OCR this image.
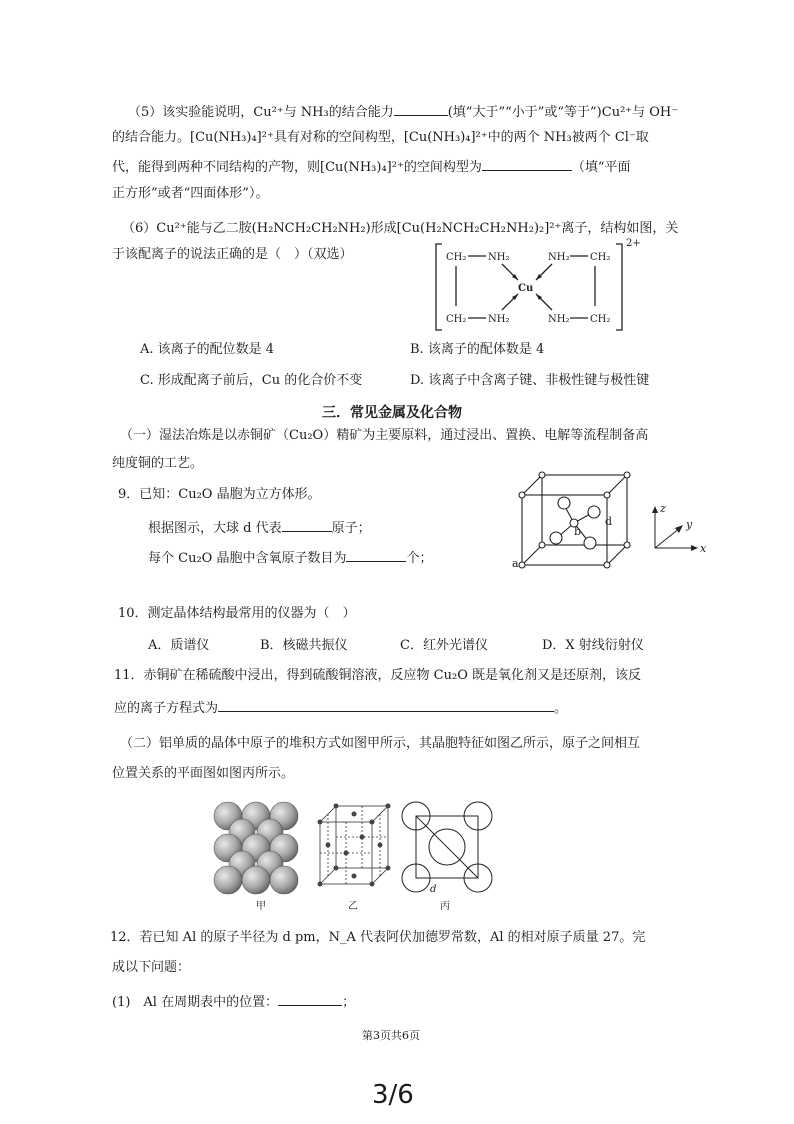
（5）该实验能说明，Cu²⁺与 NH₃的结合能力	(填“大于”“小于”或“等于”)Cu²⁺与 OH⁻
的结合能力。[Cu(NH₃)₄]²⁺具有对称的空间构型，[Cu(NH₃)₄]²⁺中的两个 NH₃被两个 Cl⁻取
代，能得到两种不同结构的产物，则[Cu(NH₃)₄]²⁺的空间构型为	（填“平面
正方形”或者“四面体形”）。
（6）Cu²⁺能与乙二胺(H₂NCH₂CH₂NH₂)形成[Cu(H₂NCH₂CH₂NH₂)₂]²⁺离子，结构如图，关
于该配离子的说法正确的是（　）（双选）	CH₂
CH₂
NH₂
NH₂
NH₂
NH₂
CH₂
CH₂
Cu
2+
A. 该离子的配位数是 4	B. 该离子的配体数是 4
C. 形成配离子前后，Cu 的化合价不变	D. 该离子中含离子键、非极性键与极性键
三．常见金属及化合物
（一）湿法冶炼是以赤铜矿（Cu₂O）精矿为主要原料，通过浸出、置换、电解等流程制备高
纯度铜的工艺。
9．已知：Cu₂O 晶胞为立方体形。
根据图示，大球 d 代表	原子；
每个 Cu₂O 晶胞中含氧原子数目为	个；	a
b
d
z
y
x
10．测定晶体结构最常用的仪器为（　）
A．质谱仪	B．核磁共振仪	C．红外光谱仪	D．X 射线衍射仪
11．赤铜矿在稀硫酸中浸出，得到硫酸铜溶液，反应物 Cu₂O 既是氧化剂又是还原剂，该反
应的离子方程式为	。
（二）铝单质的晶体中原子的堆积方式如图甲所示，其晶胞特征如图乙所示，原子之间相互
位置关系的平面图如图丙所示。
d
甲	乙	丙
12．若已知 Al 的原子半径为 d pm，N_A 代表阿伏加德罗常数，Al 的相对原子质量 27。完
成以下问题：
(1)　Al 在周期表中的位置：	；
第3页共6页
3/6
